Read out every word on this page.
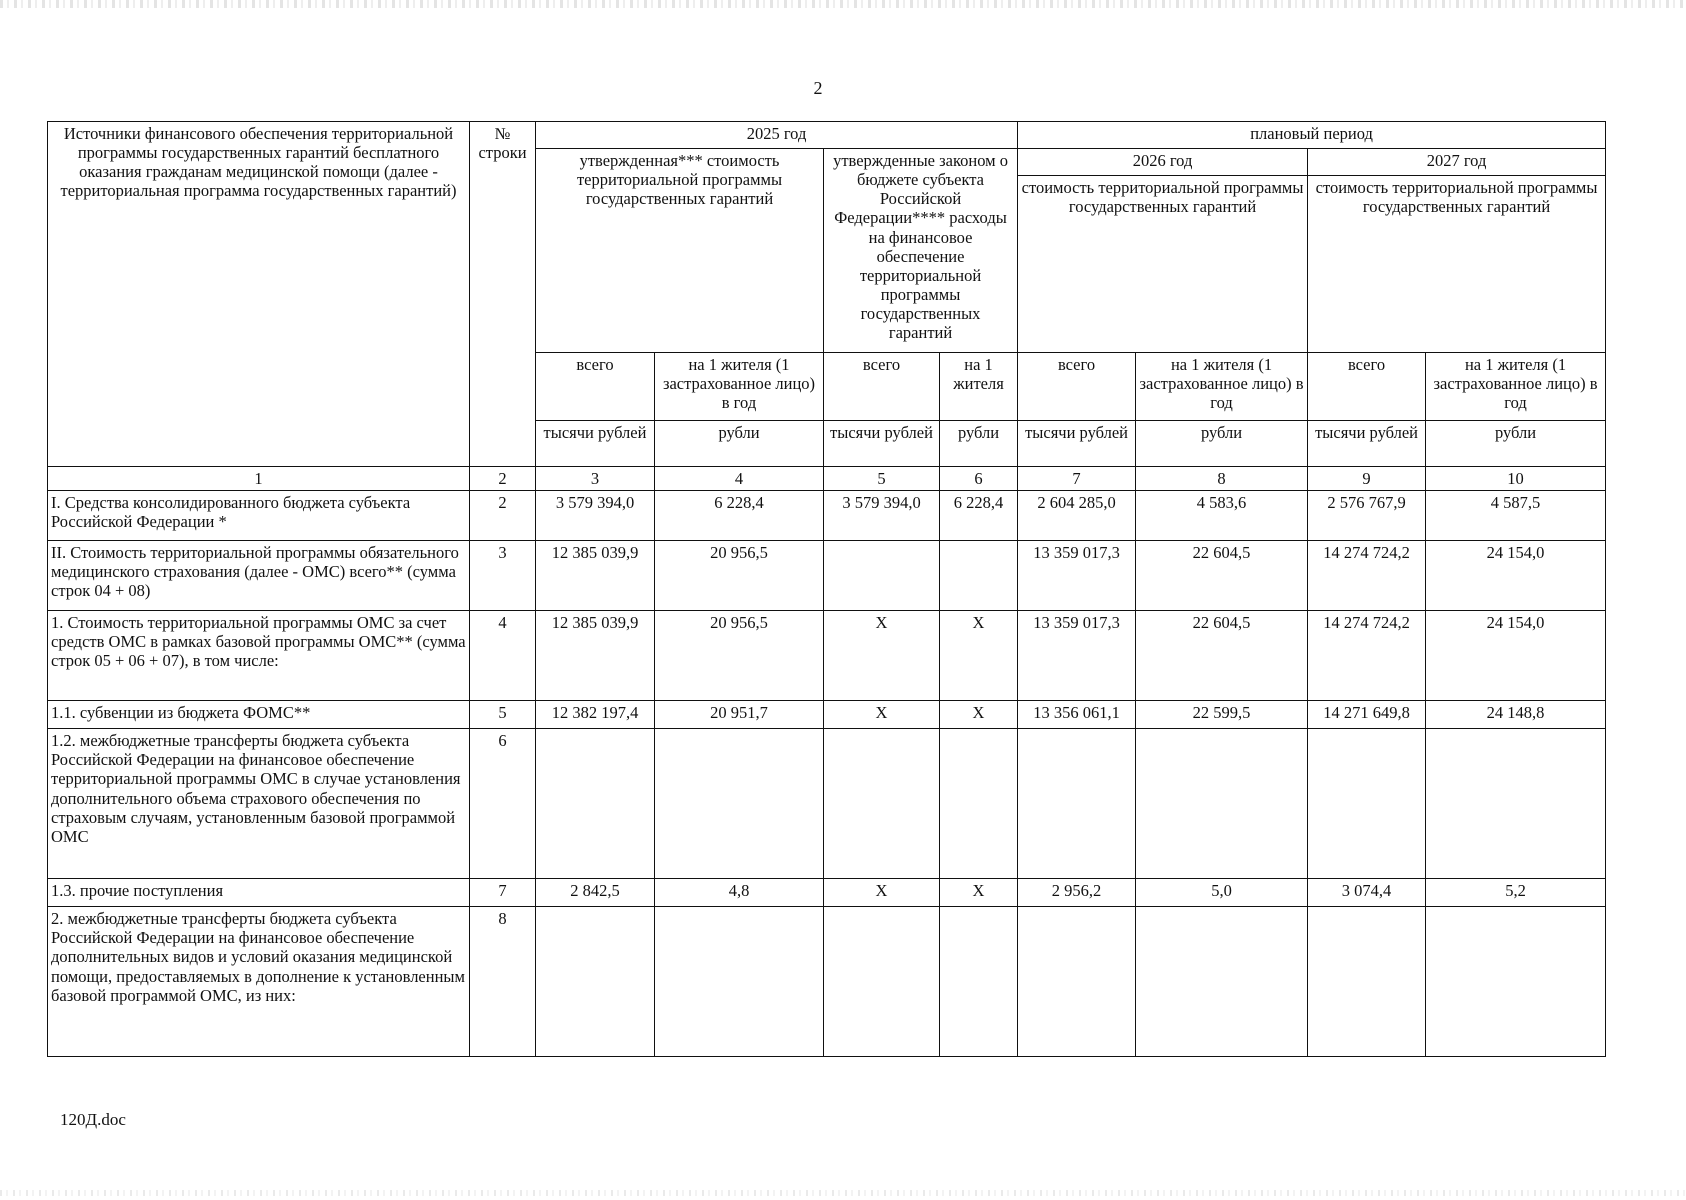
2
Источники финансового обеспечения территориальной программы государственных гарантий бесплатного оказания гражданам медицинской помощи (далее - территориальная программа государственных гарантий)	№ строки	2025 год				плановый период			
		утвержденная*** стоимость территориальной программы государственных гарантий		утвержденные законом о бюджете субъекта Российской Федерации**** расходы на финансовое обеспечение территориальной программы государственных гарантий		2026 год		2027 год	
						стоимость территориальной программы государственных гарантий		стоимость территориальной программы государственных гарантий	

		всего	на 1 жителя (1 застрахованное лицо) в год	всего	на 1 жителя	всего	на 1 жителя (1 застрахованное лицо) в год	всего	на 1 жителя (1 застрахованное лицо) в год
		тысячи рублей	рубли	тысячи рублей	рубли	тысячи рублей	рубли	тысячи рублей	рубли
1	2	3	4	5	6	7	8	9	10
I. Средства консолидированного бюджета субъекта Российской Федерации *	2	3 579 394,0	6 228,4	3 579 394,0	6 228,4	2 604 285,0	4 583,6	2 576 767,9	4 587,5
II. Стоимость территориальной программы обязательного медицинского страхования (далее - ОМС) всего** (сумма строк 04 + 08)	3	12 385 039,9	20 956,5			13 359 017,3	22 604,5	14 274 724,2	24 154,0
1. Стоимость территориальной программы ОМС за счет средств ОМС в рамках базовой программы ОМС** (сумма строк 05 + 06 + 07), в том числе:	4	12 385 039,9	20 956,5	Х	Х	13 359 017,3	22 604,5	14 274 724,2	24 154,0
1.1. субвенции из бюджета ФОМС**	5	12 382 197,4	20 951,7	Х	Х	13 356 061,1	22 599,5	14 271 649,8	24 148,8
1.2. межбюджетные трансферты бюджета субъекта Российской Федерации на финансовое обеспечение территориальной программы ОМС в случае установления дополнительного объема страхового обеспечения по страховым случаям, установленным базовой программой ОМС	6								
1.3. прочие поступления	7	2 842,5	4,8	Х	Х	2 956,2	5,0	3 074,4	5,2
2. межбюджетные трансферты бюджета субъекта Российской Федерации на финансовое обеспечение дополнительных видов и условий оказания медицинской помощи, предоставляемых в дополнение к установленным базовой программой ОМС, из них:	8								
120Д.doc
